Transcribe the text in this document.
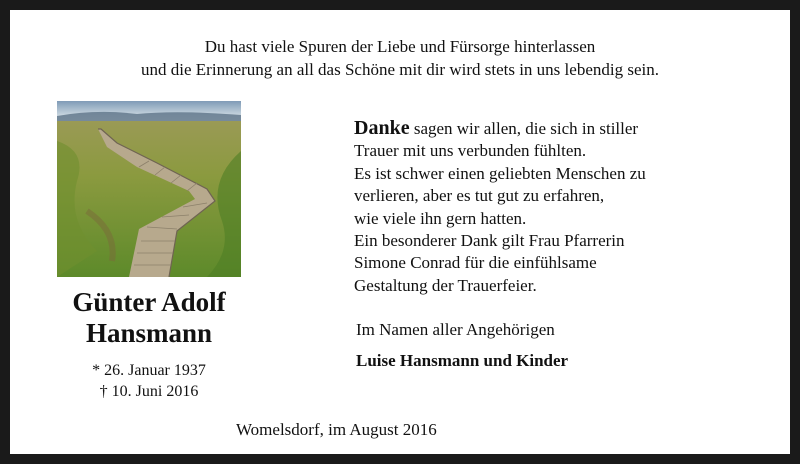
Du hast viele Spuren der Liebe und Fürsorge hinterlassen
und die Erinnerung an all das Schöne mit dir wird stets in uns lebendig sein.
Günter Adolf
Hansmann
* 26. Januar 1937
† 10. Juni 2016
Danke sagen wir allen, die sich in stiller
Trauer mit uns verbunden fühlten.
Es ist schwer einen geliebten Menschen zu
verlieren, aber es tut gut zu erfahren,
wie viele ihn gern hatten.
Ein besonderer Dank gilt Frau Pfarrerin
Simone Conrad für die einfühlsame
Gestaltung der Trauerfeier.
Im Namen aller Angehörigen
Luise Hansmann und Kinder
Womelsdorf, im August 2016
